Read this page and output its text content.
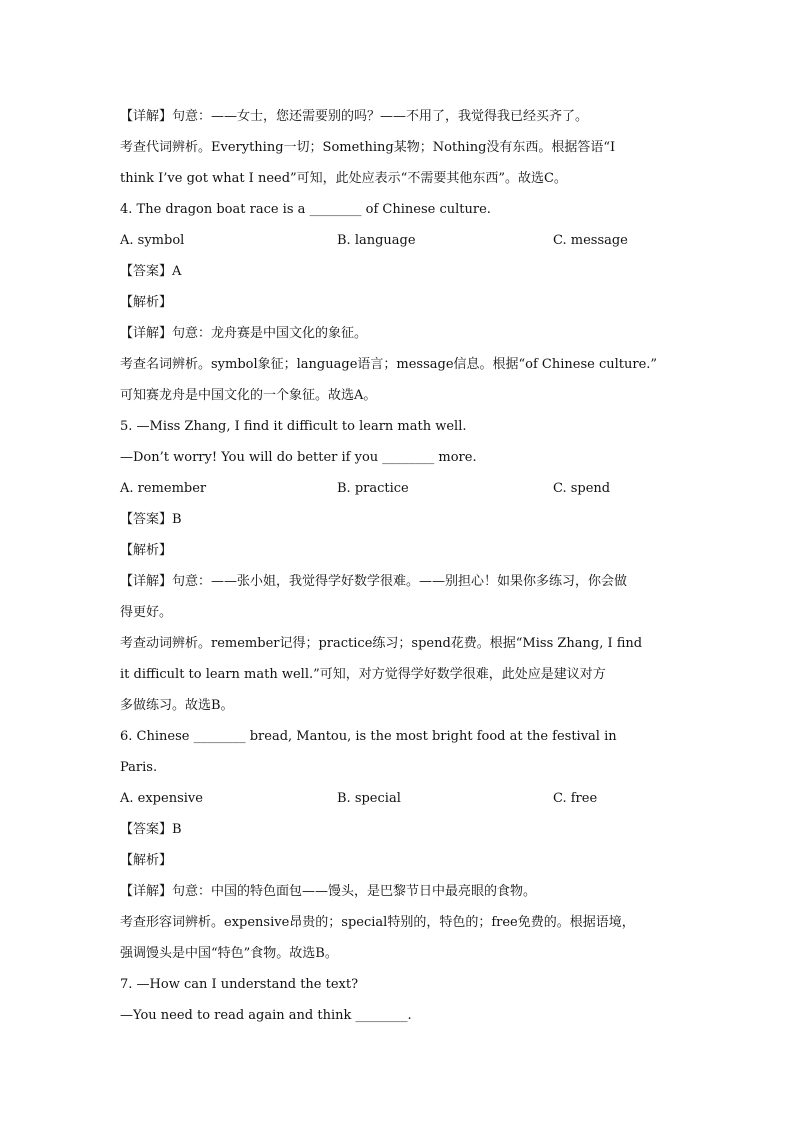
【详解】句意：——女士，您还需要别的吗？——不用了，我觉得我已经买齐了。
考查代词辨析。Everything一切；Something某物；Nothing没有东西。根据答语“I
think I’ve got what I need”可知，此处应表示“不需要其他东西”。故选C。
4. The dragon boat race is a ________ of Chinese culture.
A. symbol	B. language	C. message
【答案】A
【解析】
【详解】句意：龙舟赛是中国文化的象征。
考查名词辨析。symbol象征；language语言；message信息。根据“of Chinese culture.”
可知赛龙舟是中国文化的一个象征。故选A。
5. —Miss Zhang, I find it difficult to learn math well.
—Don’t worry! You will do better if you ________ more.
A. remember	B. practice	C. spend
【答案】B
【解析】
【详解】句意：——张小姐，我觉得学好数学很难。——别担心！如果你多练习，你会做
得更好。
考查动词辨析。remember记得；practice练习；spend花费。根据“Miss Zhang, I find
it difficult to learn math well.”可知，对方觉得学好数学很难，此处应是建议对方
多做练习。故选B。
6. Chinese ________ bread, Mantou, is the most bright food at the festival in
Paris.
A. expensive	B. special	C. free
【答案】B
【解析】
【详解】句意：中国的特色面包——馒头，是巴黎节日中最亮眼的食物。
考查形容词辨析。expensive昂贵的；special特别的，特色的；free免费的。根据语境，
强调馒头是中国“特色”食物。故选B。
7. —How can I understand the text?
—You need to read again and think ________.
